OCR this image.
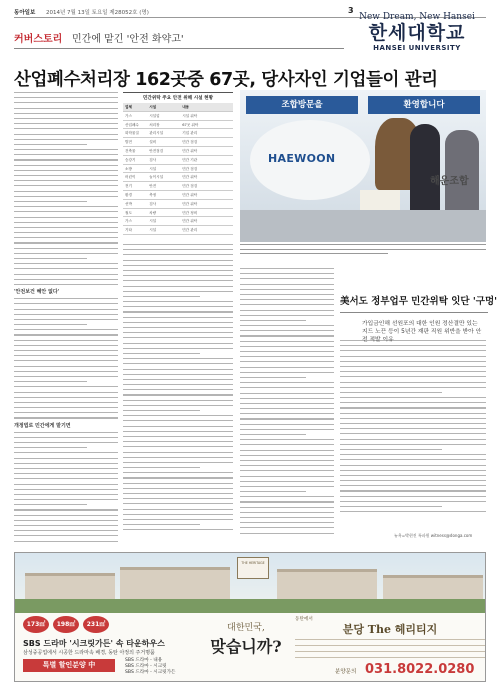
동아일보 2014년 7월 13일 토요일 제28052호 (명)	3
New Dream, New Hansei
한세대학교
HANSEI UNIVERSITY
커버스토리 민간에 맡긴 '안전 화약고'
산업폐수처리장 162곳중 67곳, 당사자인 기업들이 관리
'안전보건 혜안 없다'
개정법로 민간에게 맡기면
민간위탁 주요 안전 위해 시설 현황
업체	시설	내용
가스	시설업	시설 위탁
산업폐수	처리장	67곳 위탁
화학물질	관리시설	기업 관리
발전	설비	민간 점검
건축물	안전점검	민간 위탁
승강기	검사	민간 기관
소방	시설	민간 점검
어린이	놀이시설	민간 위탁
전기	안전	민간 점검
환경	측정	민간 위탁
선박	검사	민간 위탁
철도	차량	민간 정비
가스	시설	민간 위탁
기타	시설	민간 관리
조합방문을	환영합니다
HAEWOON
해운조합
美서도 정부업무 민간위탁 잇단 '구멍'
가입금인해 선원포의 대한 인원 정산결만 있는 지드 노끈 등이 5년간 재판 직원 위반을 받아 안전 적발 이유
뉴욕=박현진 특파원 witness@donga.com
THE HERITAGE
173㎡	198㎡	231㎡
SBS 드라마 '시크릿가든' 속 타운하우스
삼성중공업에서 시공한 드라마속 배경, 동탄 아정의 주거명품
특별 할인분양 中
SBS 드라마 - 내용
SBS 드라마 - 시크릿
SBS 드라마 - 시크릿가든
대한민국,
맞습니까?
동탄에서
분당 The 헤리티지
분양문의 031.8022.0280
